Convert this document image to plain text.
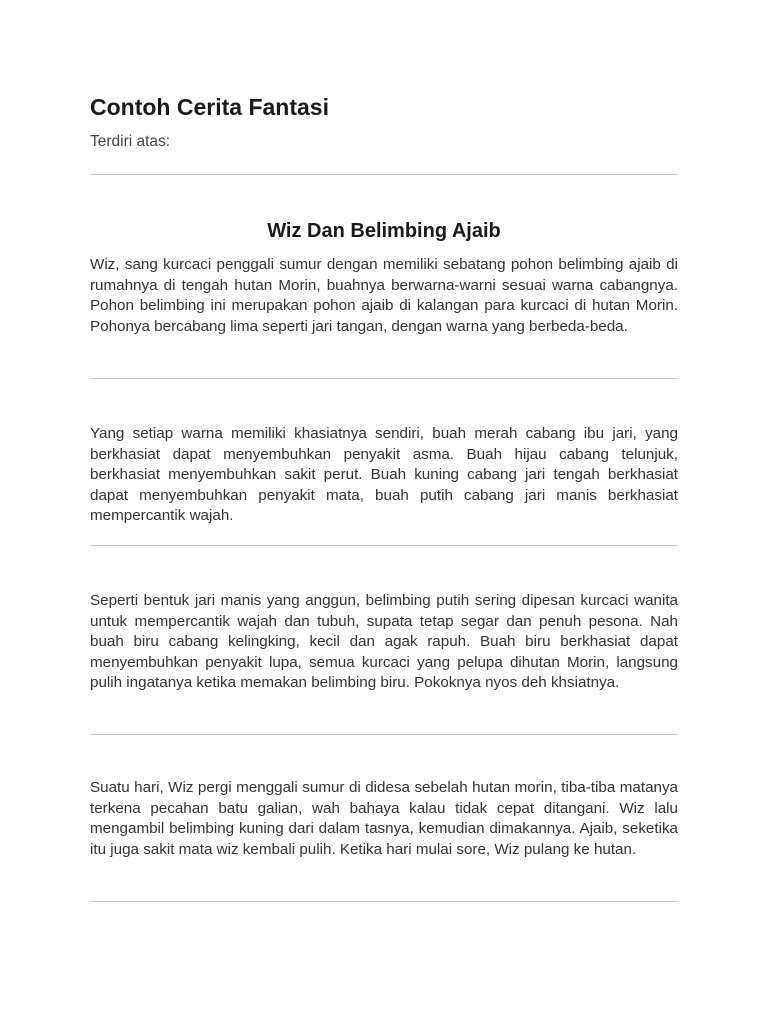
Contoh Cerita Fantasi

Terdiri atas:

Wiz Dan Belimbing Ajaib

Wiz, sang kurcaci penggali sumur dengan memiliki sebatang pohon belimbing ajaib di rumahnya di tengah hutan Morin, buahnya berwarna-warni sesuai warna cabangnya. Pohon belimbing ini merupakan pohon ajaib di kalangan para kurcaci di hutan Morin. Pohonya bercabang lima seperti jari tangan, dengan warna yang berbeda-beda.

Yang setiap warna memiliki khasiatnya sendiri, buah merah cabang ibu jari, yang berkhasiat dapat menyembuhkan penyakit asma. Buah hijau cabang telunjuk, berkhasiat menyembuhkan sakit perut. Buah kuning cabang jari tengah berkhasiat dapat menyembuhkan penyakit mata, buah putih cabang jari manis berkhasiat mempercantik wajah.

Seperti bentuk jari manis yang anggun, belimbing putih sering dipesan kurcaci wanita untuk mempercantik wajah dan tubuh, supata tetap segar dan penuh pesona. Nah buah biru cabang kelingking, kecil dan agak rapuh. Buah biru berkhasiat dapat menyembuhkan penyakit lupa, semua kurcaci yang pelupa dihutan Morin, langsung pulih ingatanya ketika memakan belimbing biru. Pokoknya nyos deh khsiatnya.

Suatu hari, Wiz pergi menggali sumur di didesa sebelah hutan morin, tiba-tiba matanya terkena pecahan batu galian, wah bahaya kalau tidak cepat ditangani. Wiz lalu mengambil belimbing kuning dari dalam tasnya, kemudian dimakannya. Ajaib, seketika itu juga sakit mata wiz kembali pulih. Ketika hari mulai sore, Wiz pulang ke hutan.
